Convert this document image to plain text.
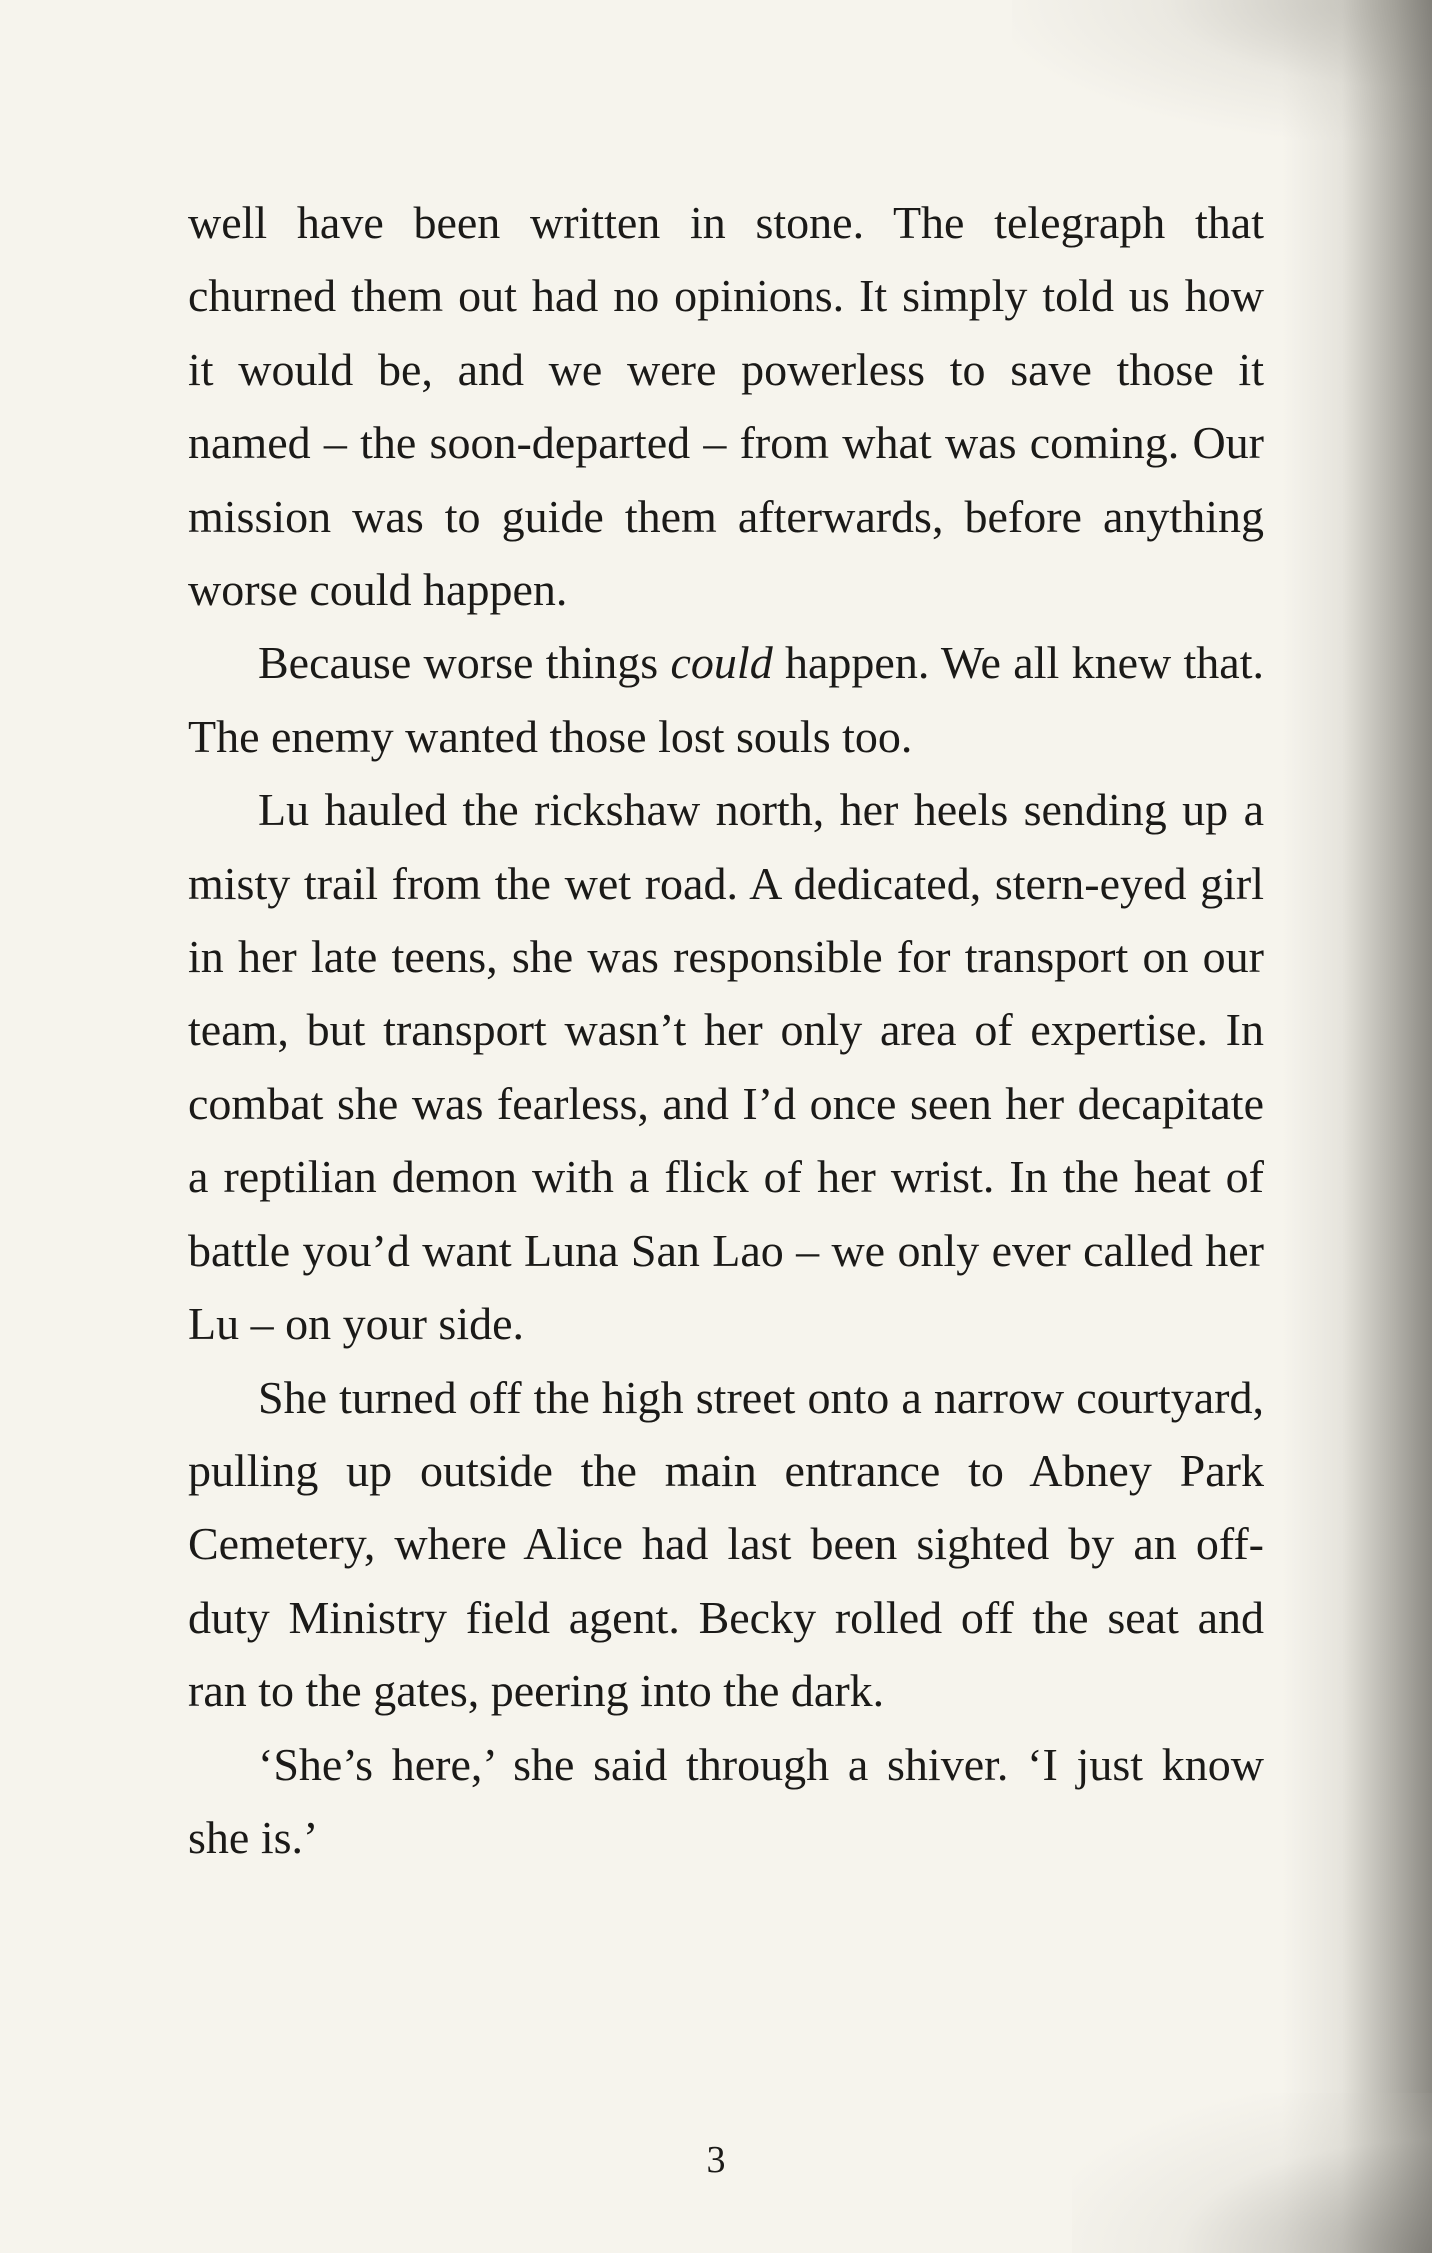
well have been written in stone. The telegraph that churned them out had no opinions. It simply told us how it would be, and we were powerless to save those it named – the soon-departed – from what was coming. Our mission was to guide them afterwards, before anything worse could happen.

Because worse things could happen. We all knew that. The enemy wanted those lost souls too.

Lu hauled the rickshaw north, her heels sending up a misty trail from the wet road. A dedicated, stern-eyed girl in her late teens, she was responsible for transport on our team, but transport wasn’t her only area of expertise. In combat she was fearless, and I’d once seen her decapitate a reptilian demon with a flick of her wrist. In the heat of battle you’d want Luna San Lao – we only ever called her Lu – on your side.

She turned off the high street onto a narrow courtyard, pulling up outside the main entrance to Abney Park Cemetery, where Alice had last been sighted by an off-duty Ministry field agent. Becky rolled off the seat and ran to the gates, peering into the dark.

‘She’s here,’ she said through a shiver. ‘I just know she is.’

3
